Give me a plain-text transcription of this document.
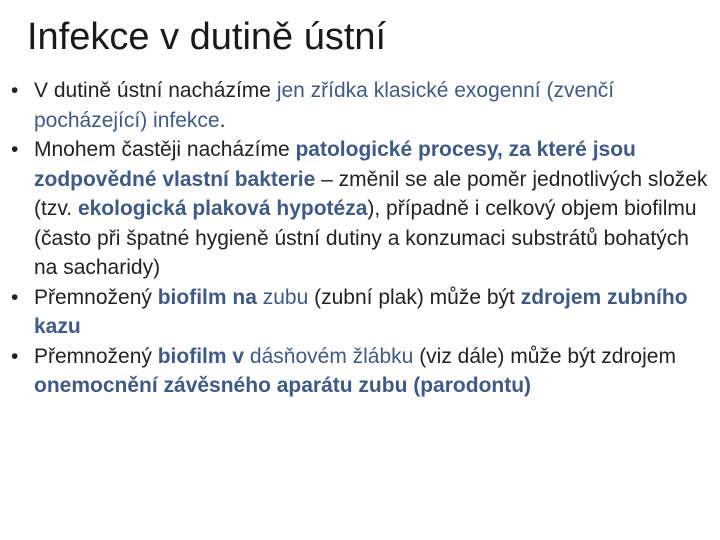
Infekce v dutině ústní
• V dutině ústní nacházíme jen zřídka klasické exogenní (zvenčí pocházející) infekce.
• Mnohem častěji nacházíme patologické procesy, za které jsou zodpovědné vlastní bakterie – změnil se ale poměr jednotlivých složek (tzv. ekologická plaková hypotéza), případně i celkový objem biofilmu (často při špatné hygieně ústní dutiny a konzumaci substrátů bohatých na sacharidy)
• Přemnožený biofilm na zubu (zubní plak) může být zdrojem zubního kazu
• Přemnožený biofilm v dásňovém žlábku (viz dále) může být zdrojem onemocnění závěsného aparátu zubu (parodontu)
